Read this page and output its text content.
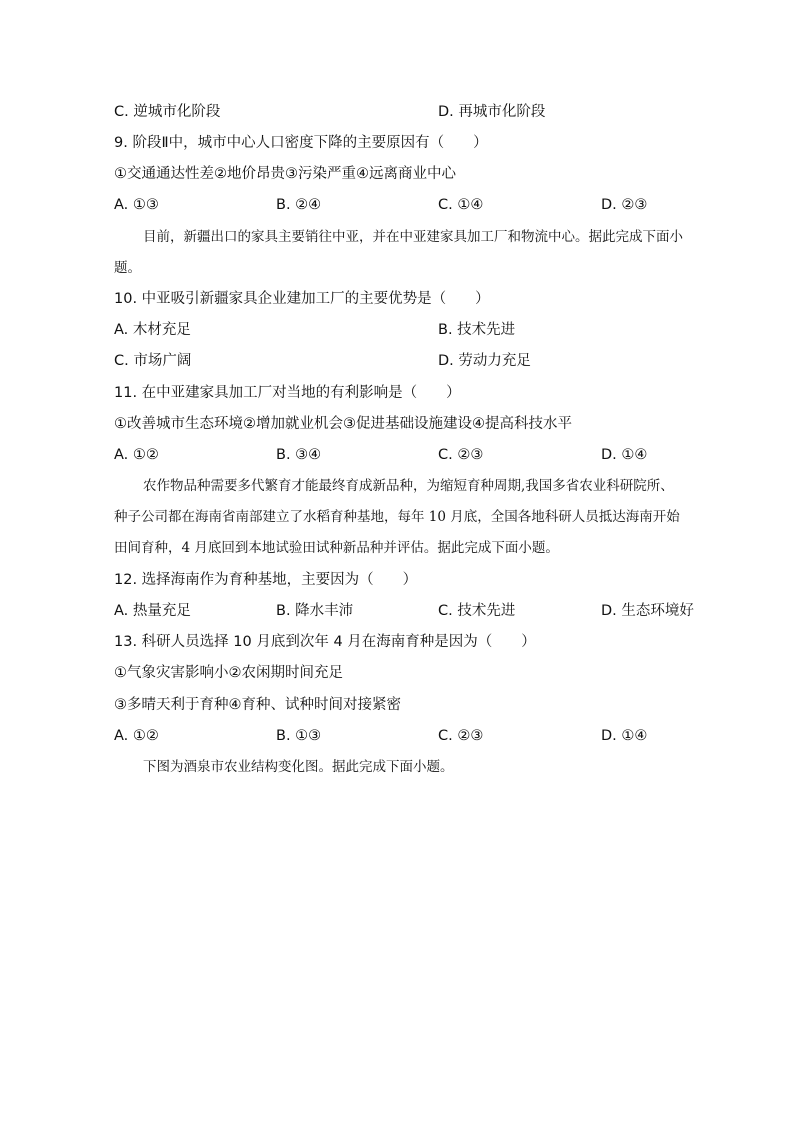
C. 逆城市化阶段	D. 再城市化阶段
9. 阶段Ⅱ中，城市中心人口密度下降的主要原因有（　　）
①交通通达性差②地价昂贵③污染严重④远离商业中心
A. ①③	B. ②④	C. ①④	D. ②③
目前，新疆出口的家具主要销往中亚，并在中亚建家具加工厂和物流中心。据此完成下面小
题。
10. 中亚吸引新疆家具企业建加工厂的主要优势是（　　）
A. 木材充足	B. 技术先进
C. 市场广阔	D. 劳动力充足
11. 在中亚建家具加工厂对当地的有利影响是（　　）
①改善城市生态环境②增加就业机会③促进基础设施建设④提高科技水平
A. ①②	B. ③④	C. ②③	D. ①④
农作物品种需要多代繁育才能最终育成新品种，为缩短育种周期,我国多省农业科研院所、
种子公司都在海南省南部建立了水稻育种基地，每年 10 月底，全国各地科研人员抵达海南开始
田间育种，4 月底回到本地试验田试种新品种并评估。据此完成下面小题。
12. 选择海南作为育种基地，主要因为（　　）
A. 热量充足	B. 降水丰沛	C. 技术先进	D. 生态环境好
13. 科研人员选择 10 月底到次年 4 月在海南育种是因为（　　）
①气象灾害影响小②农闲期时间充足
③多晴天利于育种④育种、试种时间对接紧密
A. ①②	B. ①③	C. ②③	D. ①④
下图为酒泉市农业结构变化图。据此完成下面小题。
